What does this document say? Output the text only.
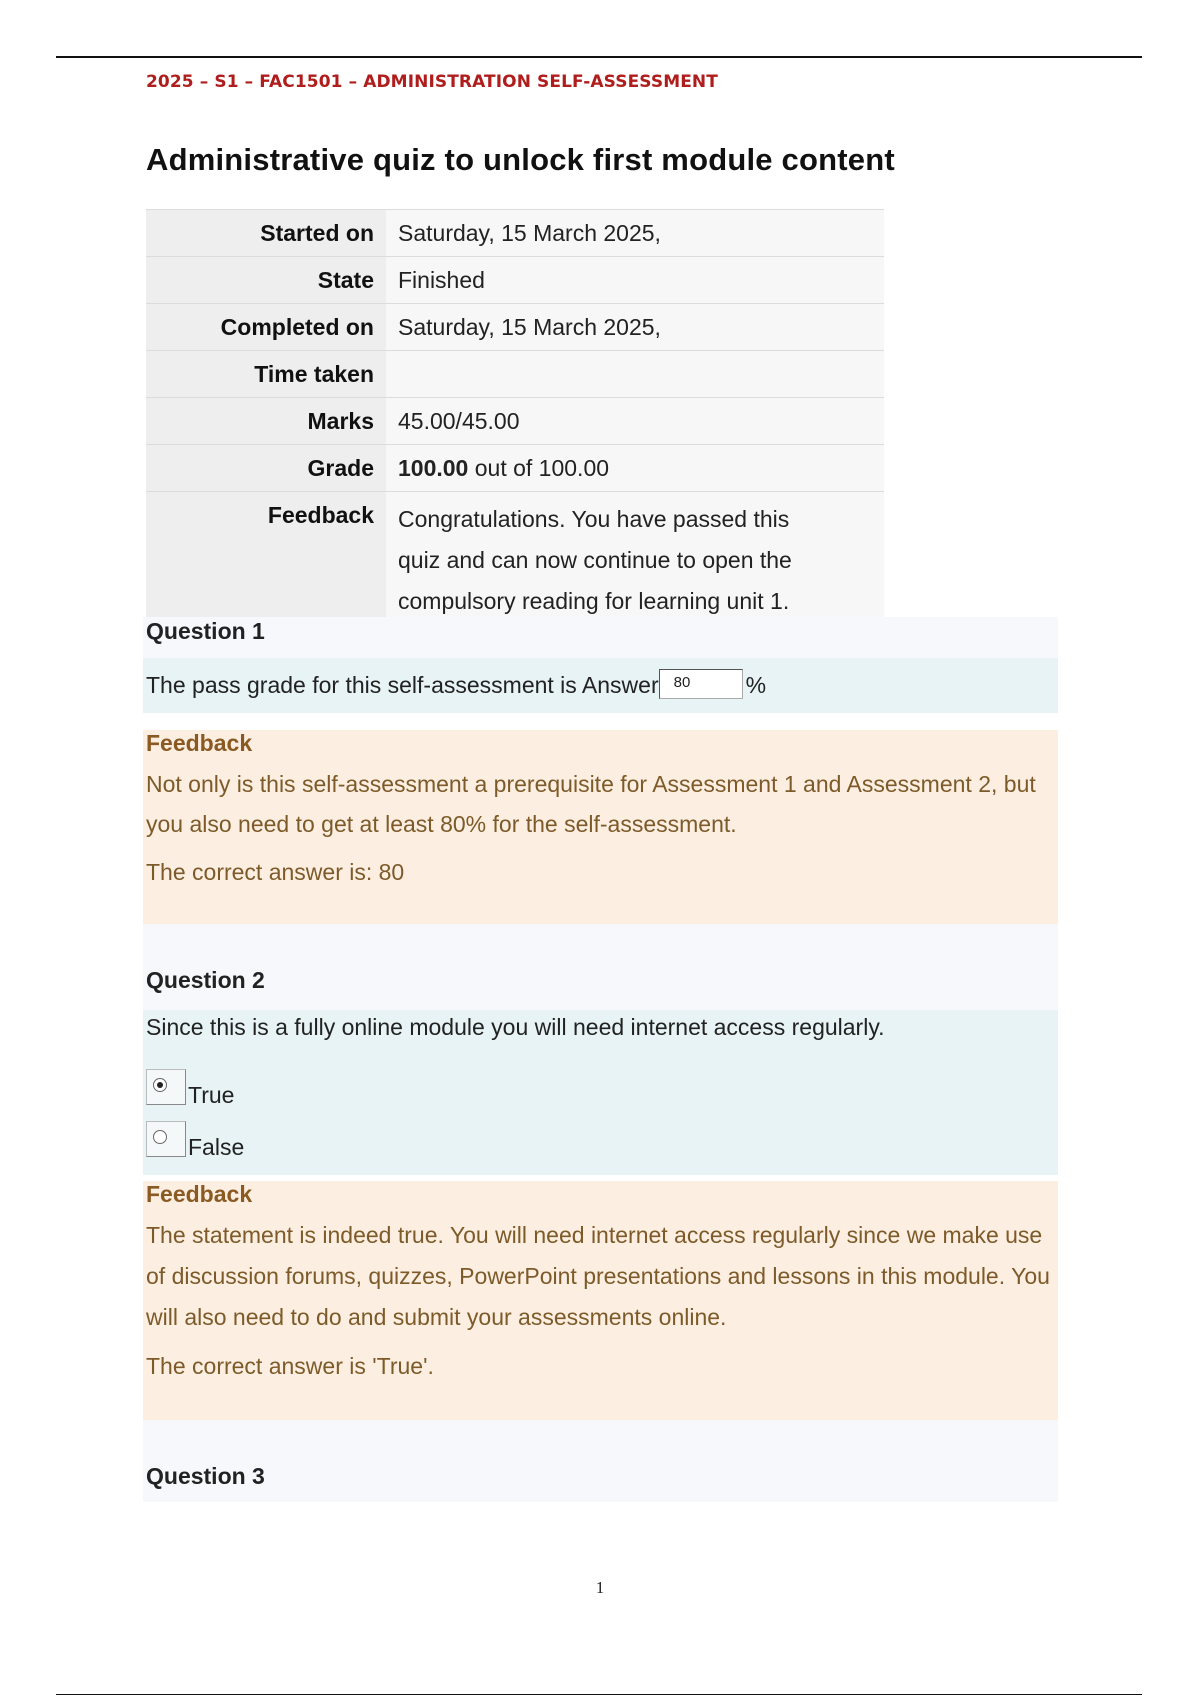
2025 – S1 – FAC1501 – ADMINISTRATION SELF-ASSESSMENT
Administrative quiz to unlock first module content
Started on	Saturday, 15 March 2025,
State	Finished
Completed on	Saturday, 15 March 2025,
Time taken	
Marks	45.00/45.00
Grade	100.00 out of 100.00
Feedback	Congratulations. You have passed this quiz and can now continue to open the compulsory reading for learning unit 1.
Question 1
The pass grade for this self-assessment is Answer 80 %
Feedback
Not only is this self-assessment a prerequisite for Assessment 1 and Assessment 2, but you also need to get at least 80% for the self-assessment.
The correct answer is: 80
Question 2
Since this is a fully online module you will need internet access regularly.
True
False
Feedback
The statement is indeed true. You will need internet access regularly since we make use of discussion forums, quizzes, PowerPoint presentations and lessons in this module. You will also need to do and submit your assessments online.
The correct answer is 'True'.
Question 3
1
